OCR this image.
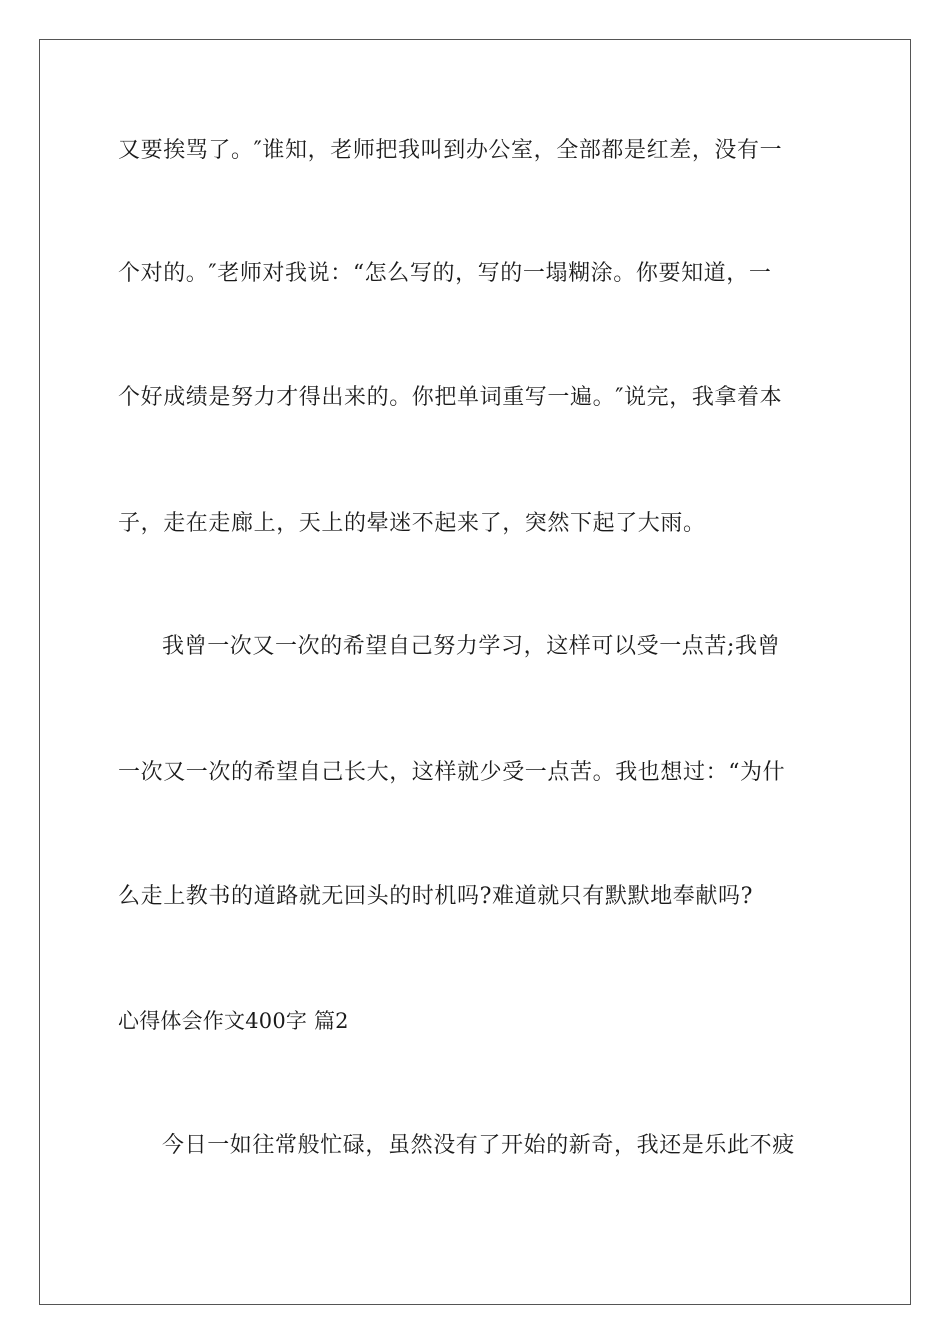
又要挨骂了。″谁知，老师把我叫到办公室，全部都是红差，没有一
个对的。″老师对我说：“怎么写的，写的一塌糊涂。你要知道，一
个好成绩是努力才得出来的。你把单词重写一遍。″说完，我拿着本
子，走在走廊上，天上的晕迷不起来了，突然下起了大雨。
我曾一次又一次的希望自己努力学习，这样可以受一点苦;我曾
一次又一次的希望自己长大，这样就少受一点苦。我也想过：“为什
么走上教书的道路就无回头的时机吗?难道就只有默默地奉献吗?
心得体会作文400字 篇2
今日一如往常般忙碌，虽然没有了开始的新奇，我还是乐此不疲
